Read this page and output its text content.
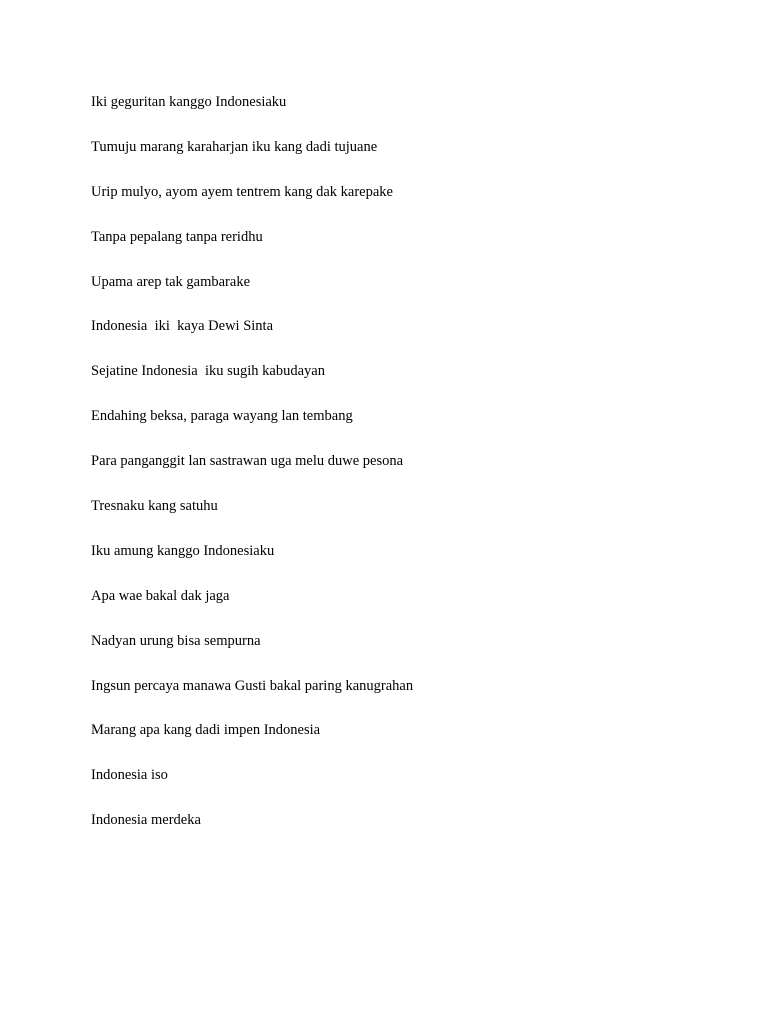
Iki geguritan kanggo Indonesiaku
Tumuju marang karaharjan iku kang dadi tujuane
Urip mulyo, ayom ayem tentrem kang dak karepake
Tanpa pepalang tanpa reridhu
Upama arep tak gambarake
Indonesia  iki  kaya Dewi Sinta
Sejatine Indonesia  iku sugih kabudayan
Endahing beksa, paraga wayang lan tembang
Para panganggit lan sastrawan uga melu duwe pesona
Tresnaku kang satuhu
Iku amung kanggo Indonesiaku
Apa wae bakal dak jaga
Nadyan urung bisa sempurna
Ingsun percaya manawa Gusti bakal paring kanugrahan
Marang apa kang dadi impen Indonesia
Indonesia iso
Indonesia merdeka
